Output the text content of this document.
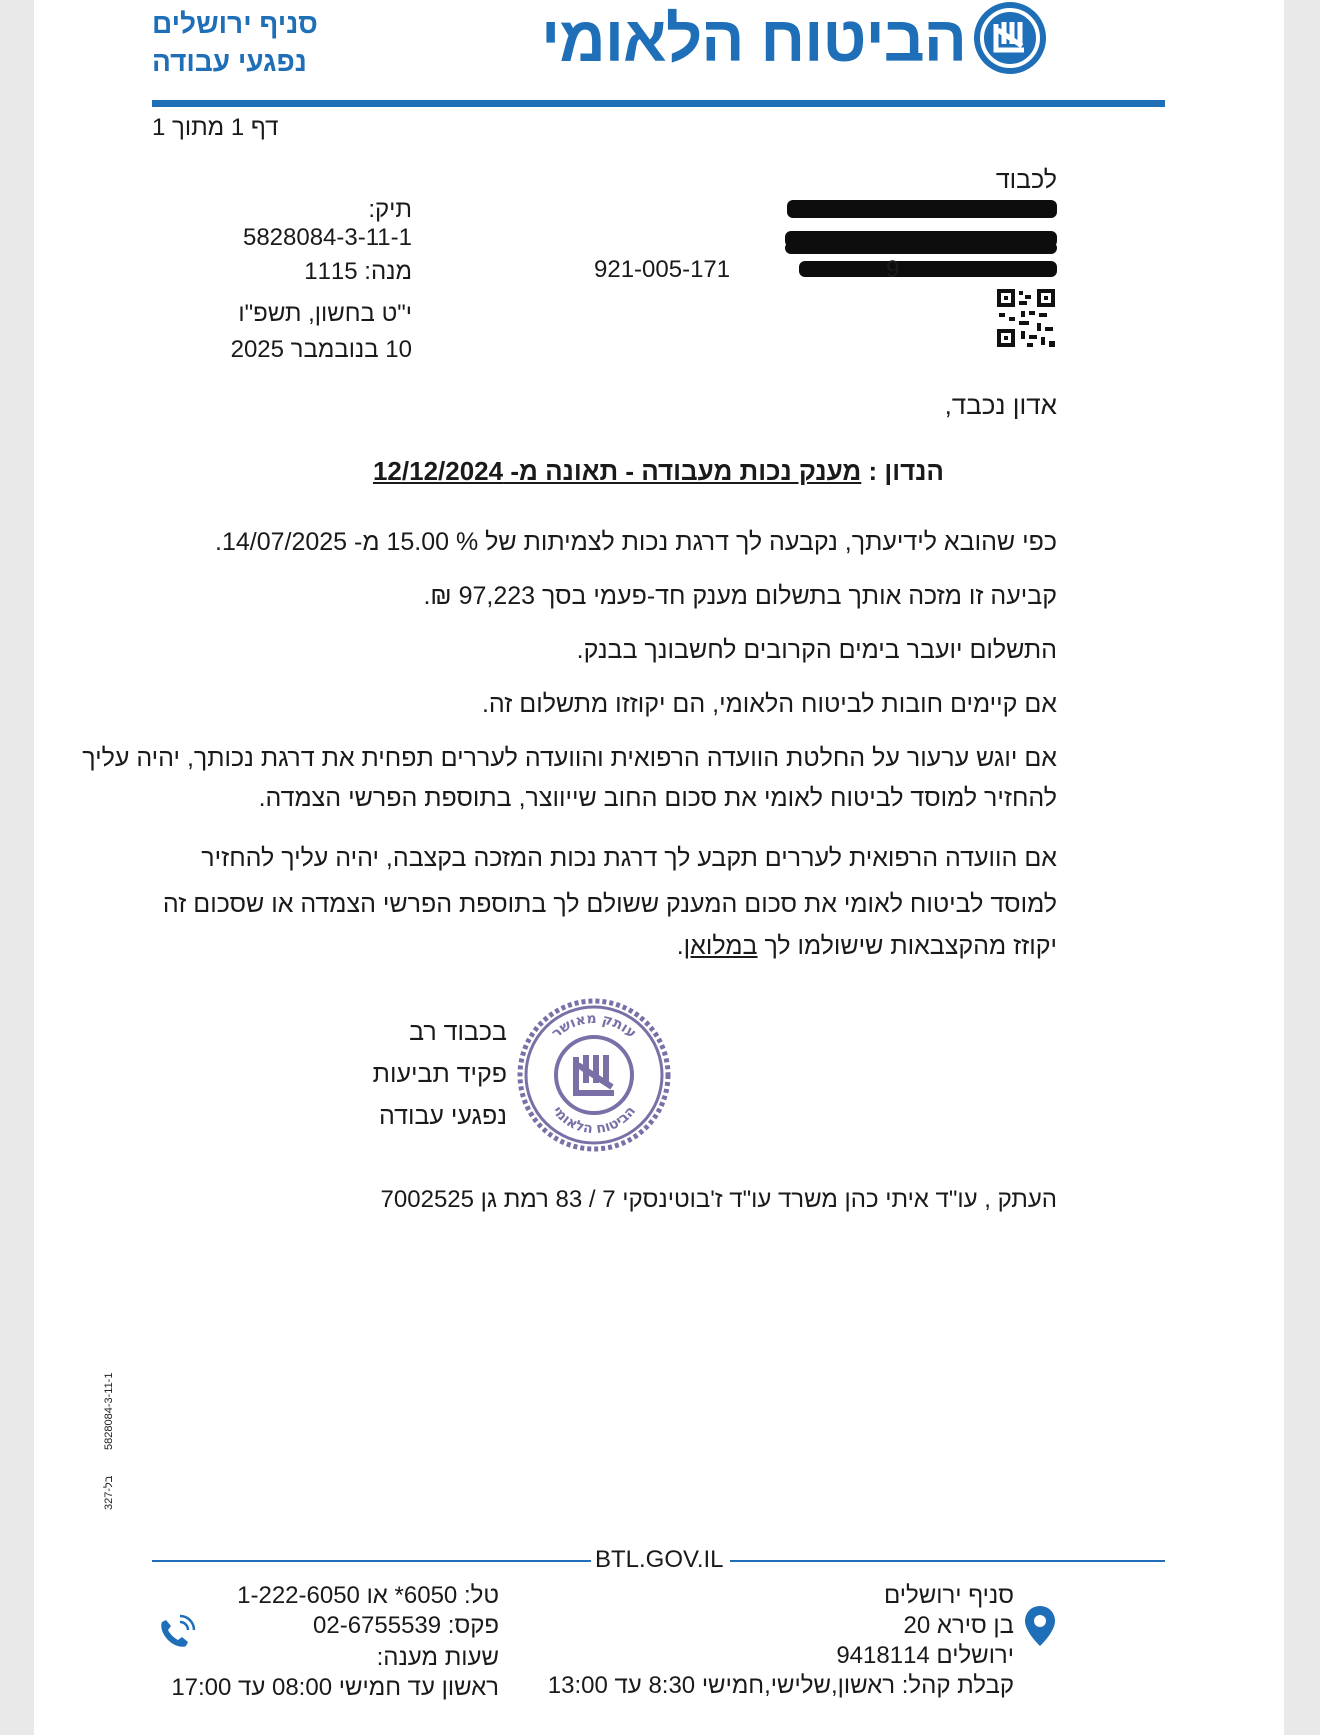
הביטוח הלאומי
סניף ירושלים
נפגעי עבודה
דף 1 מתוך 1
לכבוד
9
921-005-171
תיק:
5828084-3-11-1
מנה: 1115
י"ט בחשון, תשפ"ו
10 בנובמבר 2025
אדון נכבד,
הנדון : מענק נכות מעבודה - תאונה מ- 12/12/2024
כפי שהובא לידיעתך, נקבעה לך דרגת נכות לצמיתות של % 15.00 מ- 14/07/2025.
קביעה זו מזכה אותך בתשלום מענק חד-פעמי בסך 97,223 ₪.
התשלום יועבר בימים הקרובים לחשבונך בבנק.
אם קיימים חובות לביטוח הלאומי, הם יקוזזו מתשלום זה.
אם יוגש ערעור על החלטת הוועדה הרפואית והוועדה לעררים תפחית את דרגת נכותך, יהיה עליך
להחזיר למוסד לביטוח לאומי את סכום החוב שייווצר, בתוספת הפרשי הצמדה.
אם הוועדה הרפואית לעררים תקבע לך דרגת נכות המזכה בקצבה, יהיה עליך להחזיר
למוסד לביטוח לאומי את סכום המענק ששולם לך בתוספת הפרשי הצמדה או שסכום זה
יקוזז מהקצבאות שישולמו לך במלואן.
בכבוד רב
פקיד תביעות
נפגעי עבודה
עותק מאושר
הביטוח הלאומי
העתק , עו"ד איתי כהן משרד עו"ד ז'בוטינסקי 7 / 83 רמת גן 7002525
בל-327
5828084-3-11-1
BTL.GOV.IL
סניף ירושלים
בן סירא 20
ירושלים 9418114
קבלת קהל: ראשון,שלישי,חמישי 8:30 עד 13:00
טל: 6050* או 1-222-6050
פקס: 02-6755539
שעות מענה:
ראשון עד חמישי 08:00 עד 17:00
